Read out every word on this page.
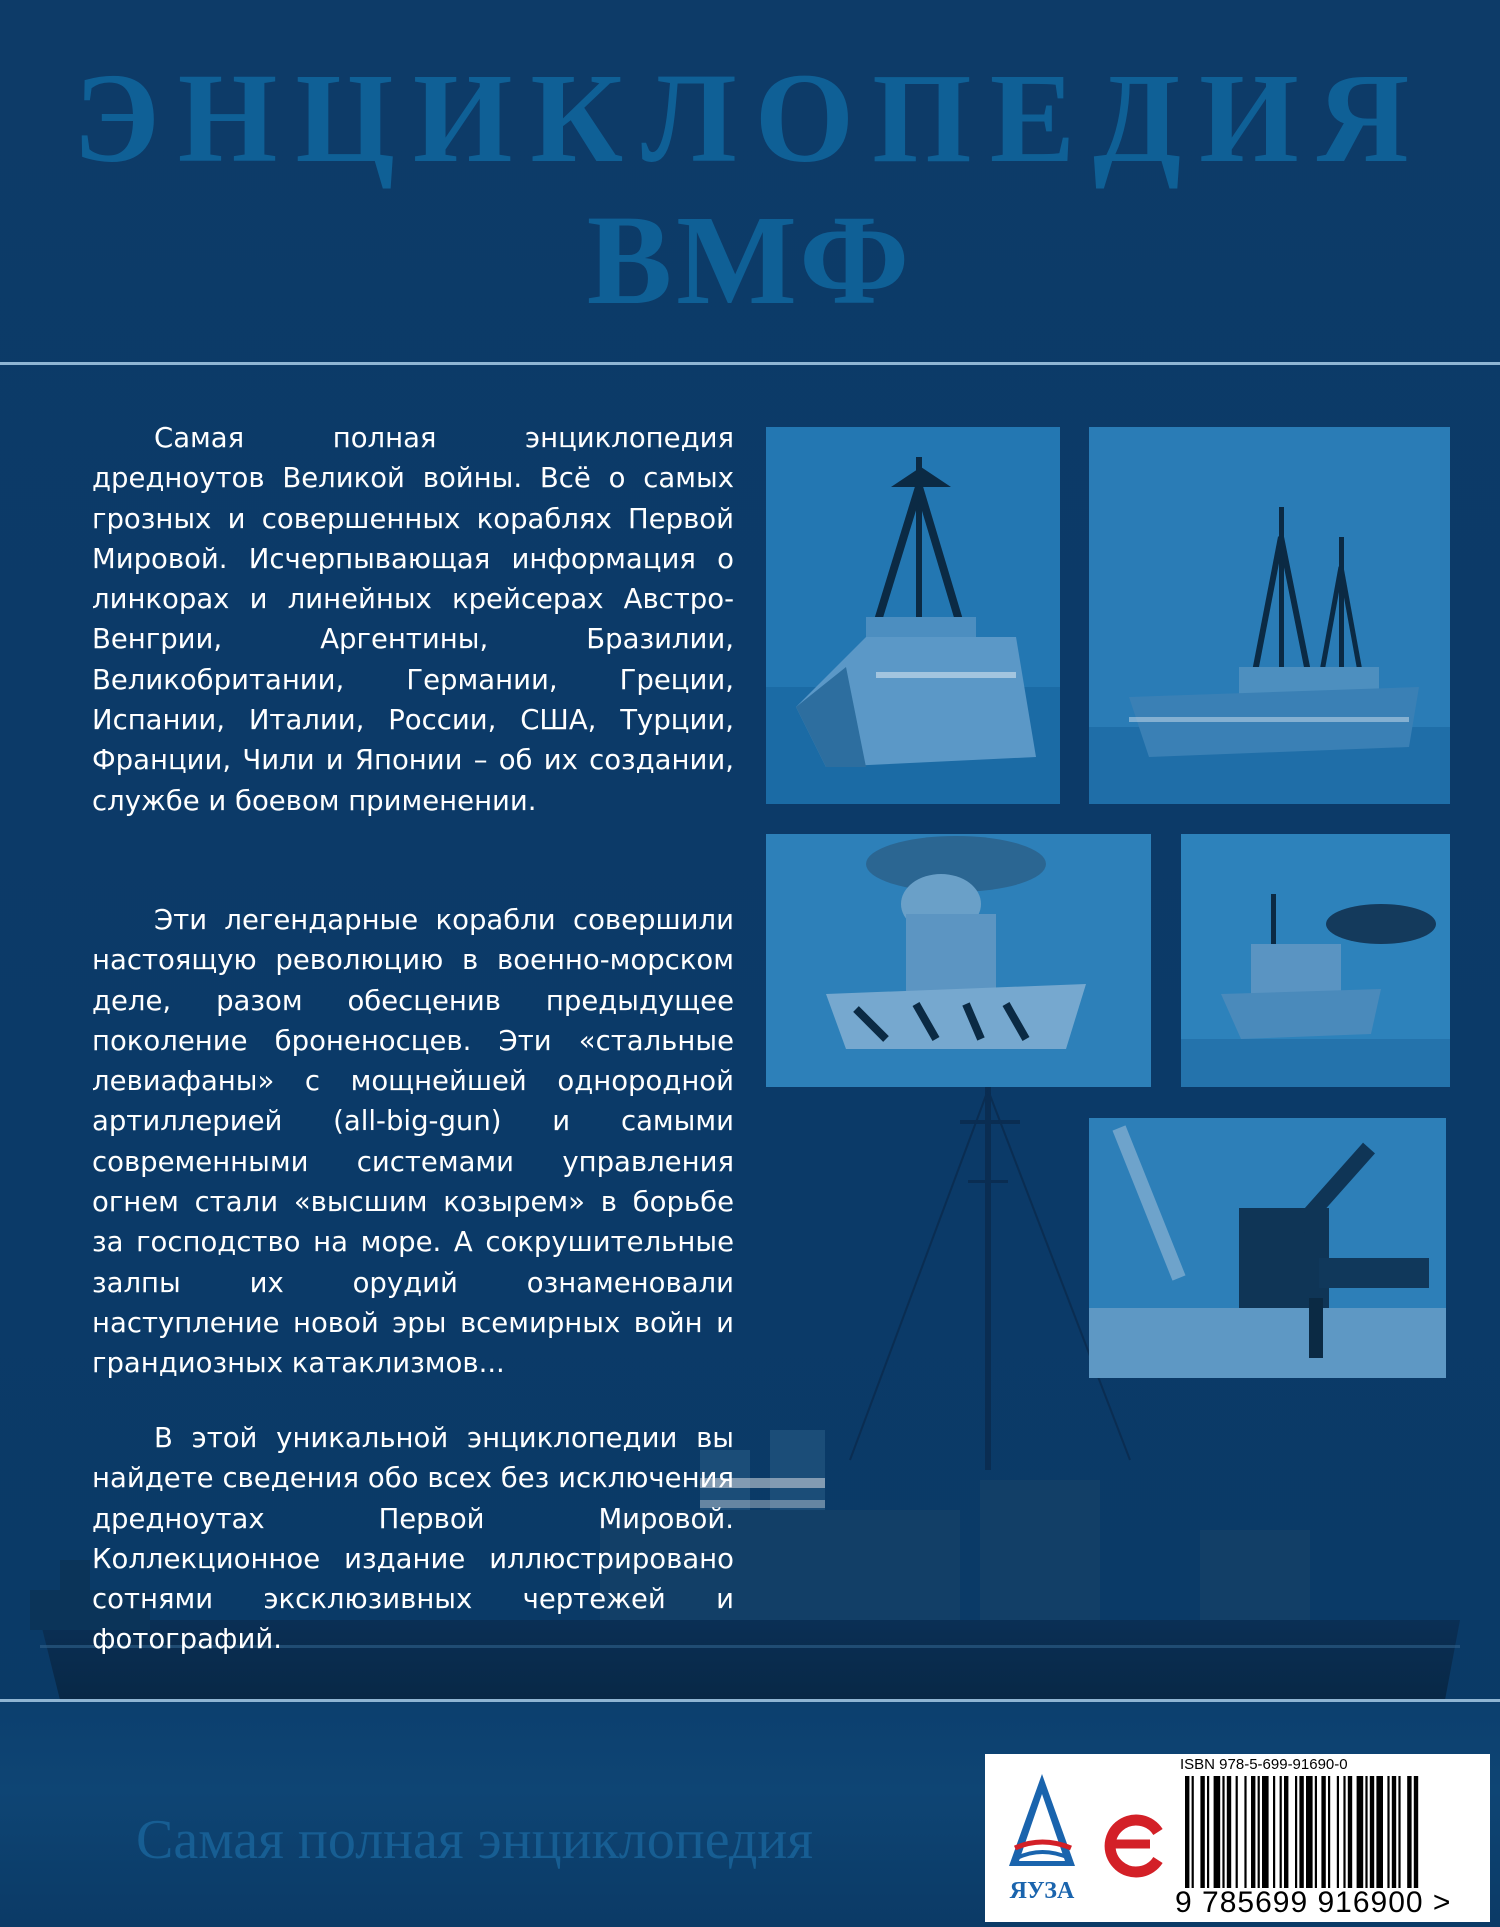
ЭНЦИКЛОПЕДИЯ
ВМФ
Самая полная энциклопедия дредноутов Великой войны. Всё о самых грозных и совершенных кораблях Первой Мировой. Исчерпывающая информация о линкорах и линейных крейсерах Австро-Венгрии, Аргентины, Бразилии, Великобритании, Германии, Греции, Испании, Италии, России, США, Турции, Франции, Чили и Японии – об их создании, службе и боевом применении.
Эти легендарные корабли совершили настоящую революцию в военно-морском деле, разом обесценив предыдущее поколение броненосцев. Эти «стальные левиафаны» с мощнейшей однородной артиллерией (all-big-gun) и самыми современными системами управления огнем стали «высшим козырем» в борьбе за господство на море. А сокрушительные залпы их орудий ознаменовали наступление новой эры всемирных войн и грандиозных катаклизмов...
В этой уникальной энциклопедии вы найдете сведения обо всех без исключения дредноутах Первой Мировой. Коллекционное издание иллюстрировано сотнями эксклюзивных чертежей и фотографий.
Самая полная энциклопедия
ЯУЗА
ISBN 978-5-699-91690-0
9 785699 916900 >
